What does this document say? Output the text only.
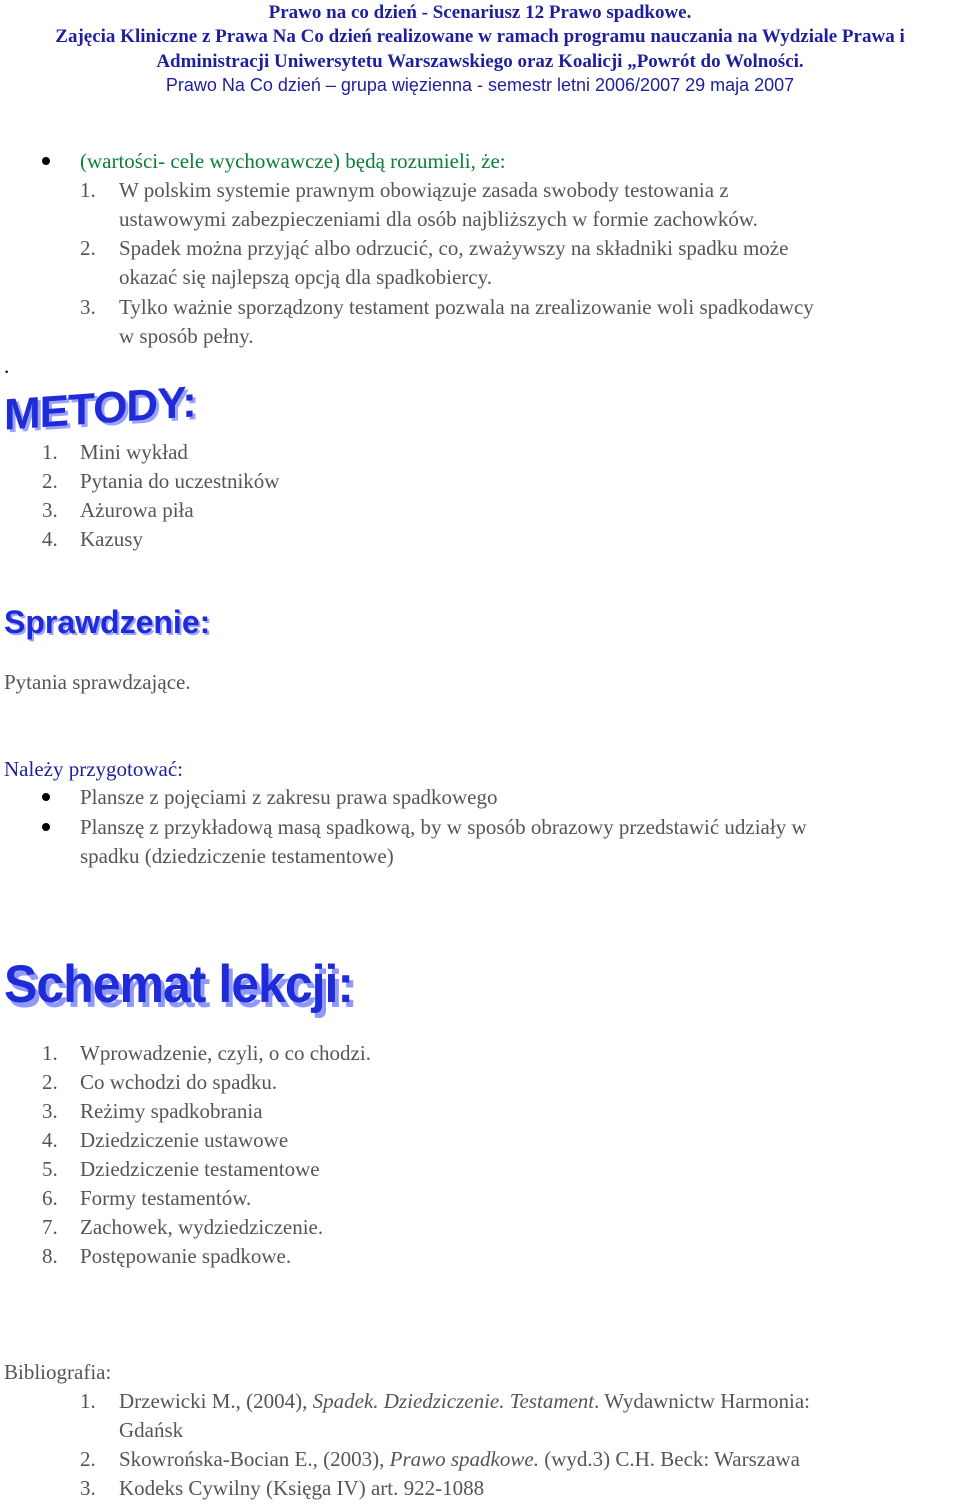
Prawo na co dzień - Scenariusz 12 Prawo spadkowe.
Zajęcia Kliniczne z Prawa Na Co dzień realizowane w ramach programu nauczania na Wydziale Prawa i
Administracji Uniwersytetu Warszawskiego oraz Koalicji „Powrót do Wolności.
Prawo Na Co dzień – grupa więzienna - semestr letni 2006/2007 29 maja 2007
(wartości- cele wychowawcze) będą rozumieli, że:
1. W polskim systemie prawnym obowiązuje zasada swobody testowania z
ustawowymi zabezpieczeniami dla osób najbliższych w formie zachowków.
2. Spadek można przyjąć albo odrzucić, co, zważywszy na składniki spadku może
okazać się najlepszą opcją dla spadkobiercy.
3. Tylko ważnie sporządzony testament pozwala na zrealizowanie woli spadkodawcy
w sposób pełny.
.
METODY:
1. Mini wykład
2. Pytania do uczestników
3. Ażurowa piła
4. Kazusy
Sprawdzenie:
Pytania sprawdzające.
Należy przygotować:
Plansze z pojęciami z zakresu prawa spadkowego
Planszę z przykładową masą spadkową, by w sposób obrazowy przedstawić udziały w
spadku (dziedziczenie testamentowe)
Schemat lekcji:
1. Wprowadzenie, czyli, o co chodzi.
2. Co wchodzi do spadku.
3. Reżimy spadkobrania
4. Dziedziczenie ustawowe
5. Dziedziczenie testamentowe
6. Formy testamentów.
7. Zachowek, wydziedziczenie.
8. Postępowanie spadkowe.
Bibliografia:
1. Drzewicki M., (2004), Spadek. Dziedziczenie. Testament. Wydawnictw Harmonia:
Gdańsk
2. Skowrońska-Bocian E., (2003), Prawo spadkowe. (wyd.3) C.H. Beck: Warszawa
3. Kodeks Cywilny (Księga IV) art. 922-1088
